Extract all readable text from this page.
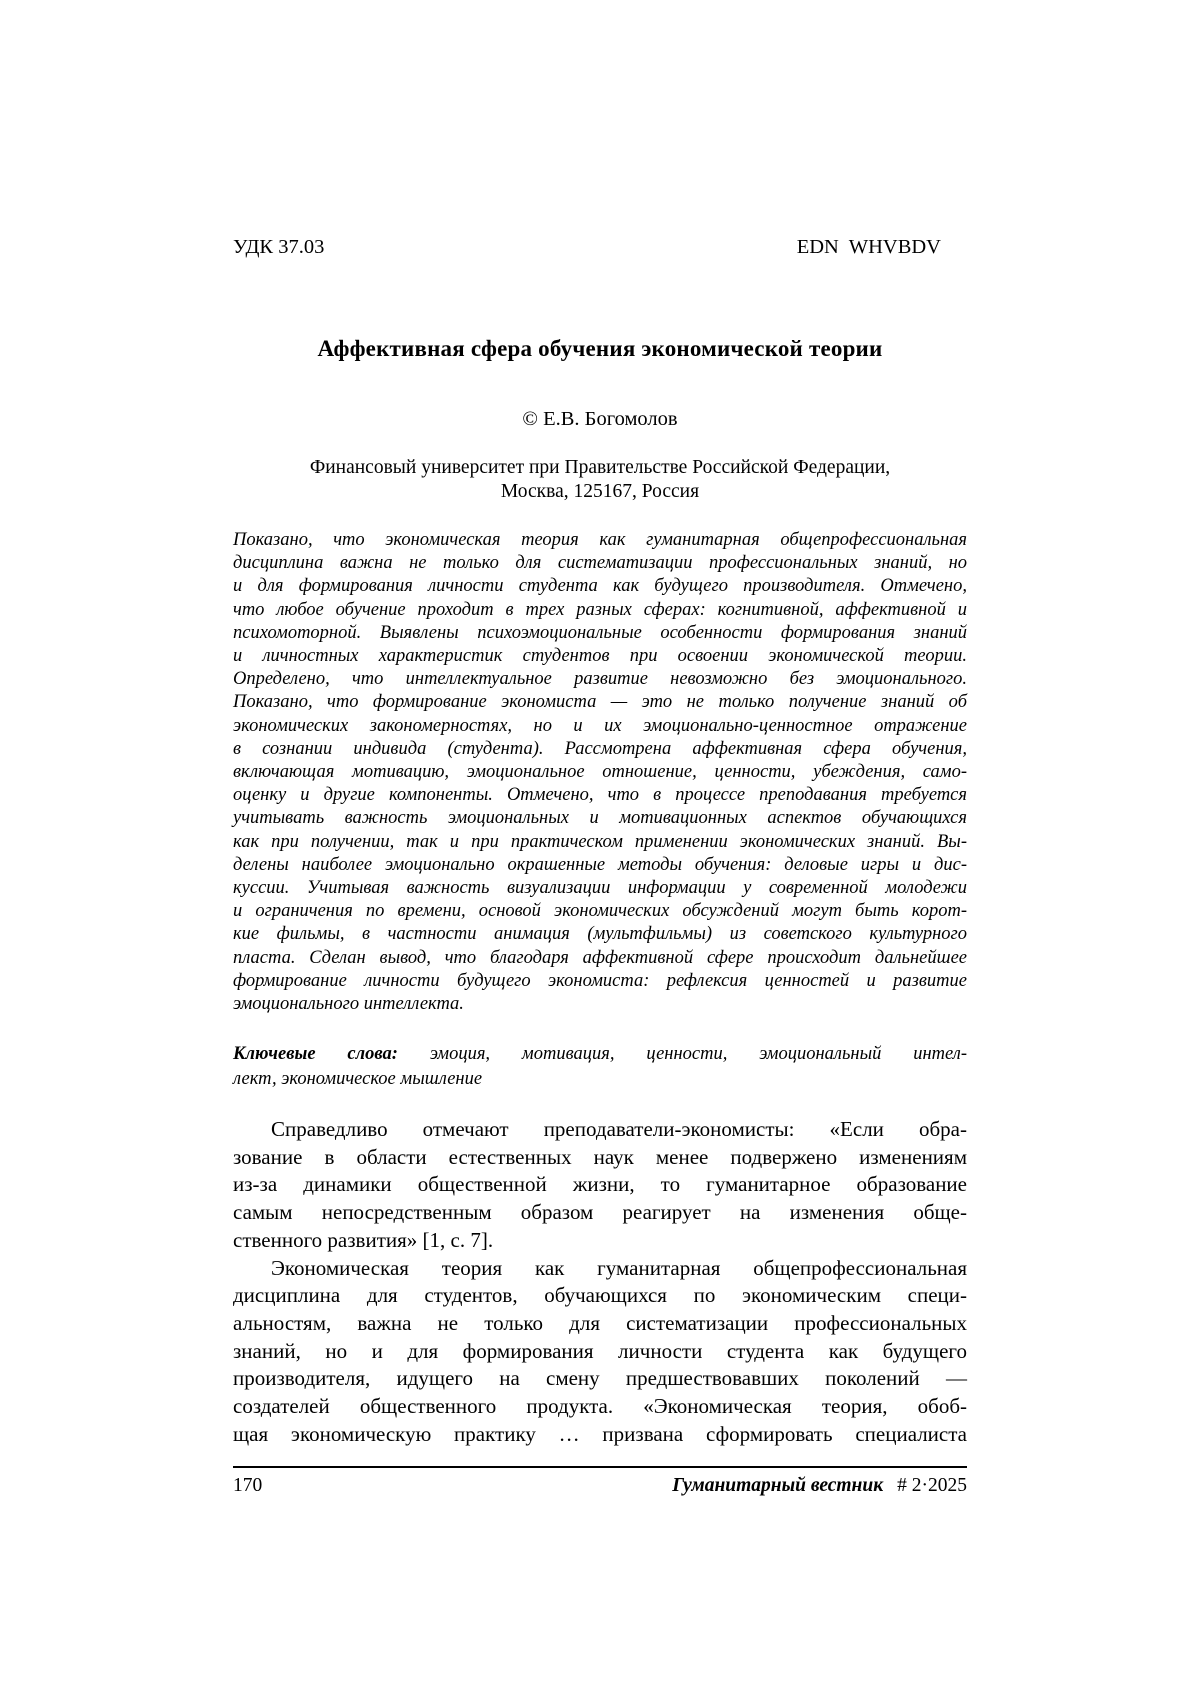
УДК 37.03	EDN  WHVBDV
Аффективная сфера обучения экономической теории
© Е.В. Богомолов
Финансовый университет при Правительстве Российской Федерации,
Москва, 125167, Россия
Показано, что экономическая теория как гуманитарная общепрофессиональная
дисциплина важна не только для систематизации профессиональных знаний, но
и для формирования личности студента как будущего производителя. Отмечено,
что любое обучение проходит в трех разных сферах: когнитивной, аффективной и
психомоторной. Выявлены психоэмоциональные особенности формирования знаний
и личностных характеристик студентов при освоении экономической теории.
Определено, что интеллектуальное развитие невозможно без эмоционального.
Показано, что формирование экономиста — это не только получение знаний об
экономических закономерностях, но и их эмоционально-ценностное отражение
в сознании индивида (студента). Рассмотрена аффективная сфера обучения,
включающая мотивацию, эмоциональное отношение, ценности, убеждения, само-
оценку и другие компоненты. Отмечено, что в процессе преподавания требуется
учитывать важность эмоциональных и мотивационных аспектов обучающихся
как при получении, так и при практическом применении экономических знаний. Вы-
делены наиболее эмоционально окрашенные методы обучения: деловые игры и дис-
куссии. Учитывая важность визуализации информации у современной молодежи
и ограничения по времени, основой экономических обсуждений могут быть корот-
кие фильмы, в частности анимация (мультфильмы) из советского культурного
пласта. Сделан вывод, что благодаря аффективной сфере происходит дальнейшее
формирование личности будущего экономиста: рефлексия ценностей и развитие
эмоционального интеллекта.
Ключевые слова: эмоция, мотивация, ценности, эмоциональный интел-
лект, экономическое мышление
Справедливо отмечают преподаватели-экономисты: «Если обра-
зование в области естественных наук менее подвержено изменениям
из-за динамики общественной жизни, то гуманитарное образование
самым непосредственным образом реагирует на изменения обще-
ственного развития» [1, с. 7].
Экономическая теория как гуманитарная общепрофессиональная
дисциплина для студентов, обучающихся по экономическим специ-
альностям, важна не только для систематизации профессиональных
знаний, но и для формирования личности студента как будущего
производителя, идущего на смену предшествовавших поколений —
создателей общественного продукта. «Экономическая теория, обоб-
щая экономическую практику … призвана сформировать специалиста
170	Гуманитарный вестник # 2·2025
